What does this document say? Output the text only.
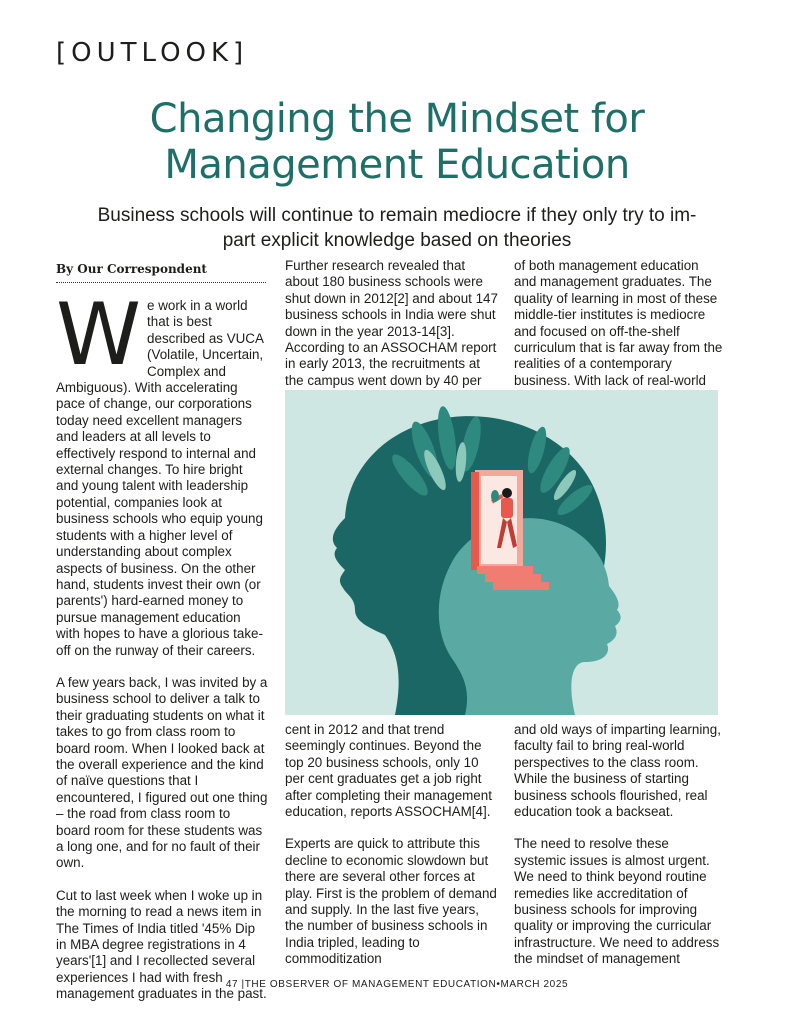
[OUTLOOK]
Changing the Mindset for
Management Education
Business schools will continue to remain mediocre if they only try to im-
part explicit knowledge based on theories
By Our Correspondent

We work in a world that is best described as VUCA (Volatile, Uncertain, Complex and Ambiguous). With accelerating pace of change, our corporations today need excellent managers and leaders at all levels to effectively respond to internal and external changes. To hire bright and young talent with leadership potential, companies look at business schools who equip young students with a higher level of understanding about complex aspects of business. On the other hand, students invest their own (or parents') hard-earned money to pursue management education with hopes to have a glorious take-off on the runway of their careers.

A few years back, I was invited by a business school to deliver a talk to their graduating students on what it takes to go from class room to board room. When I looked back at the overall experience and the kind of naïve questions that I encountered, I figured out one thing – the road from class room to board room for these students was a long one, and for no fault of their own.

Cut to last week when I woke up in the morning to read a news item in The Times of India titled '45% Dip in MBA degree registrations in 4 years'[1] and I recollected several experiences I had with fresh management graduates in the past.

Further research revealed that about 180 business schools were shut down in 2012[2] and about 147 business schools in India were shut down in the year 2013-14[3]. According to an ASSOCHAM report in early 2013, the recruitments at the campus went down by 40 per

of both management education and management graduates. The quality of learning in most of these middle-tier institutes is mediocre and focused on off-the-shelf curriculum that is far away from the realities of a contemporary business. With lack of real-world

cent in 2012 and that trend seemingly continues. Beyond the top 20 business schools, only 10 per cent graduates get a job right after completing their management education, reports ASSOCHAM[4].

Experts are quick to attribute this decline to economic slowdown but there are several other forces at play. First is the problem of demand and supply. In the last five years, the number of business schools in India tripled, leading to commoditization

and old ways of imparting learning, faculty fail to bring real-world perspectives to the class room. While the business of starting business schools flourished, real education took a backseat.

The need to resolve these systemic issues is almost urgent. We need to think beyond routine remedies like accreditation of business schools for improving quality or improving the curricular infrastructure. We need to address the mindset of management

47 |THE OBSERVER OF MANAGEMENT EDUCATION•MARCH 2025
